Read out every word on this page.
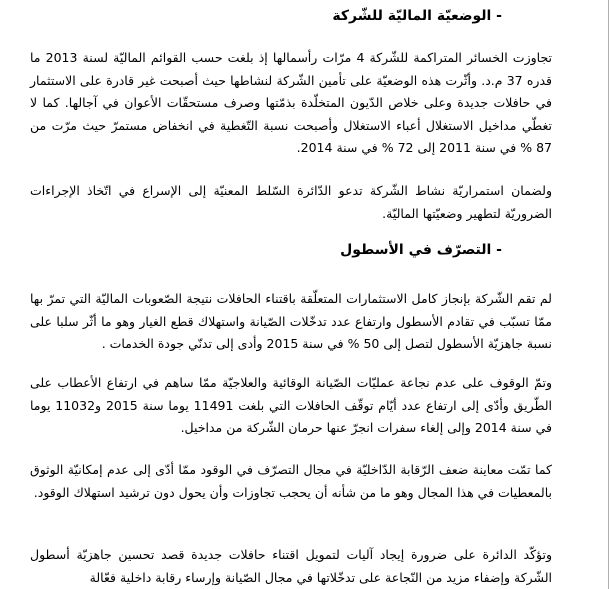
- الوضعيّة الماليّة للشّركة

تجاوزت الخسائر المتراكمة للشّركة 4 مرّات رأسمالها إذ بلغت حسب القوائم الماليّة لسنة 2013 ما قدره 37 م.د. وأثّرت هذه الوضعيّة على تأمين الشّركة لنشاطها حيث أصبحت غير قادرة على الاستثمار في حافلات جديدة وعلى خلاص الدّيون المتخلّدة بذمّتها وصرف مستحقّات الأعوان في آجالها. كما لا تغطّي مداخيل الاستغلال أعباء الاستغلال وأصبحت نسبة التّغطية في انخفاض مستمرّ حيث مرّت من 87 % في سنة 2011 إلى 72 % في سنة 2014.

ولضمان استمراريّة نشاط الشّركة تدعو الدّائرة السّلط المعنيّة إلى الإسراع في اتّخاذ الإجراءات الضروريّة لتطهير وضعيّتها الماليّة.

- التصرّف في الأسطول

لم تقم الشّركة بإنجاز كامل الاستثمارات المتعلّقة باقتناء الحافلات نتيجة الصّعوبات الماليّة التي تمرّ بها ممّا تسبّب في تقادم الأسطول وارتفاع عدد تدخّلات الصّيانة واستهلاك قطع الغيار وهو ما أثّر سلبا على نسبة جاهزيّة الأسطول لتصل إلى 50 % في سنة 2015 وأدى إلى تدنّي جودة الخدمات .

وتمّ الوقوف على عدم نجاعة عمليّات الصّيانة الوقائية والعلاجيّة ممّا ساهم في ارتفاع الأعطاب على الطّريق وأدّى إلى ارتفاع عدد أيّام توقّف الحافلات التي بلغت 11491 يوما سنة 2015 و11032 يوما في سنة 2014 وإلى إلغاء سفرات انجرّ عنها حرمان الشّركة من مداخيل.

كما تمّت معاينة ضعف الرّقابة الدّاخليّة في مجال التصرّف في الوقود ممّا أدّى إلى عدم إمكانيّة الوثوق بالمعطيات في هذا المجال وهو ما من شأنه أن يحجب تجاوزات وأن يحول دون ترشيد استهلاك الوقود.

وتؤكّد الدائرة على ضرورة إيجاد آليات لتمويل اقتناء حافلات جديدة قصد تحسين جاهزيّة أسطول الشّركة وإضفاء مزيد من النّجاعة على تدخّلاتها في مجال الصّيانة وإرساء رقابة داخلية فعّالة
